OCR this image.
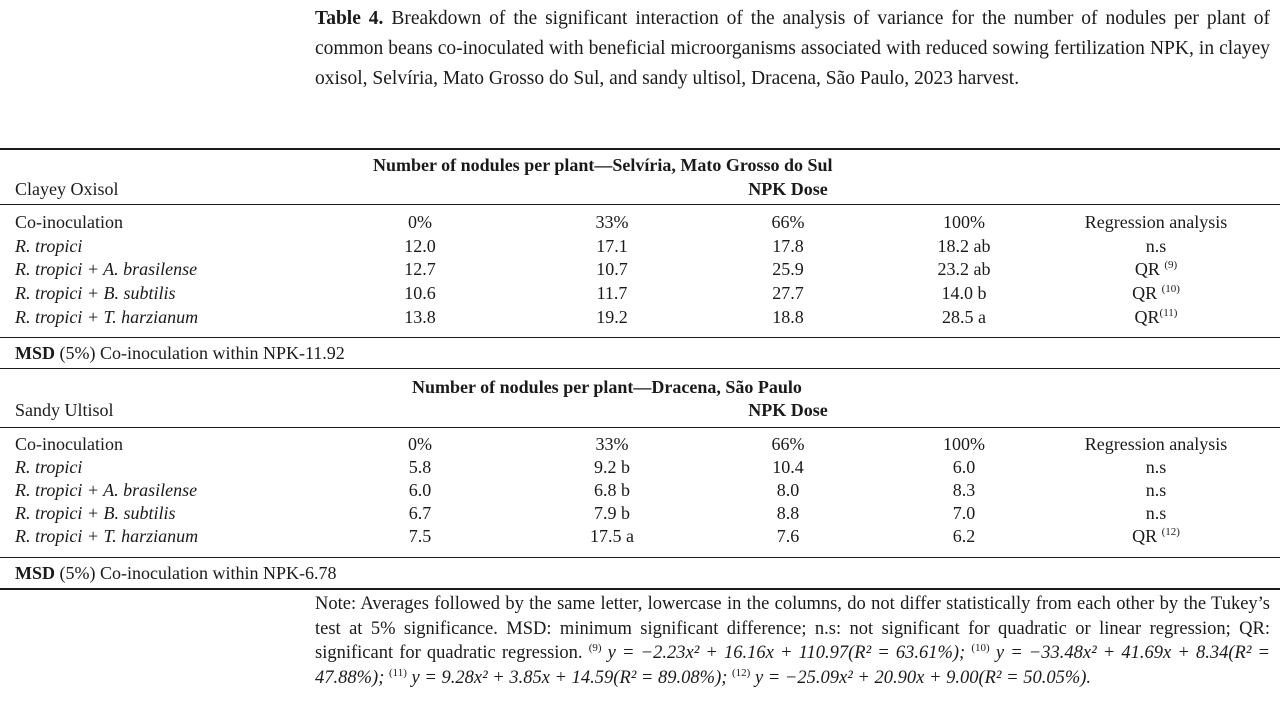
Table 4. Breakdown of the significant interaction of the analysis of variance for the number of nodules per plant of common beans co-inoculated with beneficial microorganisms associated with reduced sowing fertilization NPK, in clayey oxisol, Selvíria, Mato Grosso do Sul, and sandy ultisol, Dracena, São Paulo, 2023 harvest.
Number of nodules per plant—Selvíria, Mato Grosso do Sul
Clayey Oxisol	NPK Dose
Co-inoculation	0%	33%	66%	100%	Regression analysis
R. tropici	12.0	17.1	17.8	18.2 ab	n.s
R. tropici + A. brasilense	12.7	10.7	25.9	23.2 ab	QR $^{(9)}$
R. tropici + B. subtilis	10.6	11.7	27.7	14.0 b	QR $^{(10)}$
R. tropici + T. harzianum	13.8	19.2	18.8	28.5 a	QR$^{(11)}$
MSD (5%) Co-inoculation within NPK-11.92
Number of nodules per plant—Dracena, São Paulo
Sandy Ultisol	NPK Dose
Co-inoculation	0%	33%	66%	100%	Regression analysis
R. tropici	5.8	9.2 b	10.4	6.0	n.s
R. tropici + A. brasilense	6.0	6.8 b	8.0	8.3	n.s
R. tropici + B. subtilis	6.7	7.9 b	8.8	7.0	n.s
R. tropici + T. harzianum	7.5	17.5 a	7.6	6.2	QR $^{(12)}$
MSD (5%) Co-inoculation within NPK-6.78
Note: Averages followed by the same letter, lowercase in the columns, do not differ statistically from each other by the Tukey’s test at 5% significance. MSD: minimum significant difference; n.s: not significant for quadratic or linear regression; QR: significant for quadratic regression. $^{(9)}$ y = −2.23x² + 16.16x + 110.97(R² = 63.61%); $^{(10)}$ y = −33.48x² + 41.69x + 8.34(R² = 47.88%); $^{(11)}$ y = 9.28x² + 3.85x + 14.59(R² = 89.08%); $^{(12)}$ y = −25.09x² + 20.90x + 9.00(R² = 50.05%).
